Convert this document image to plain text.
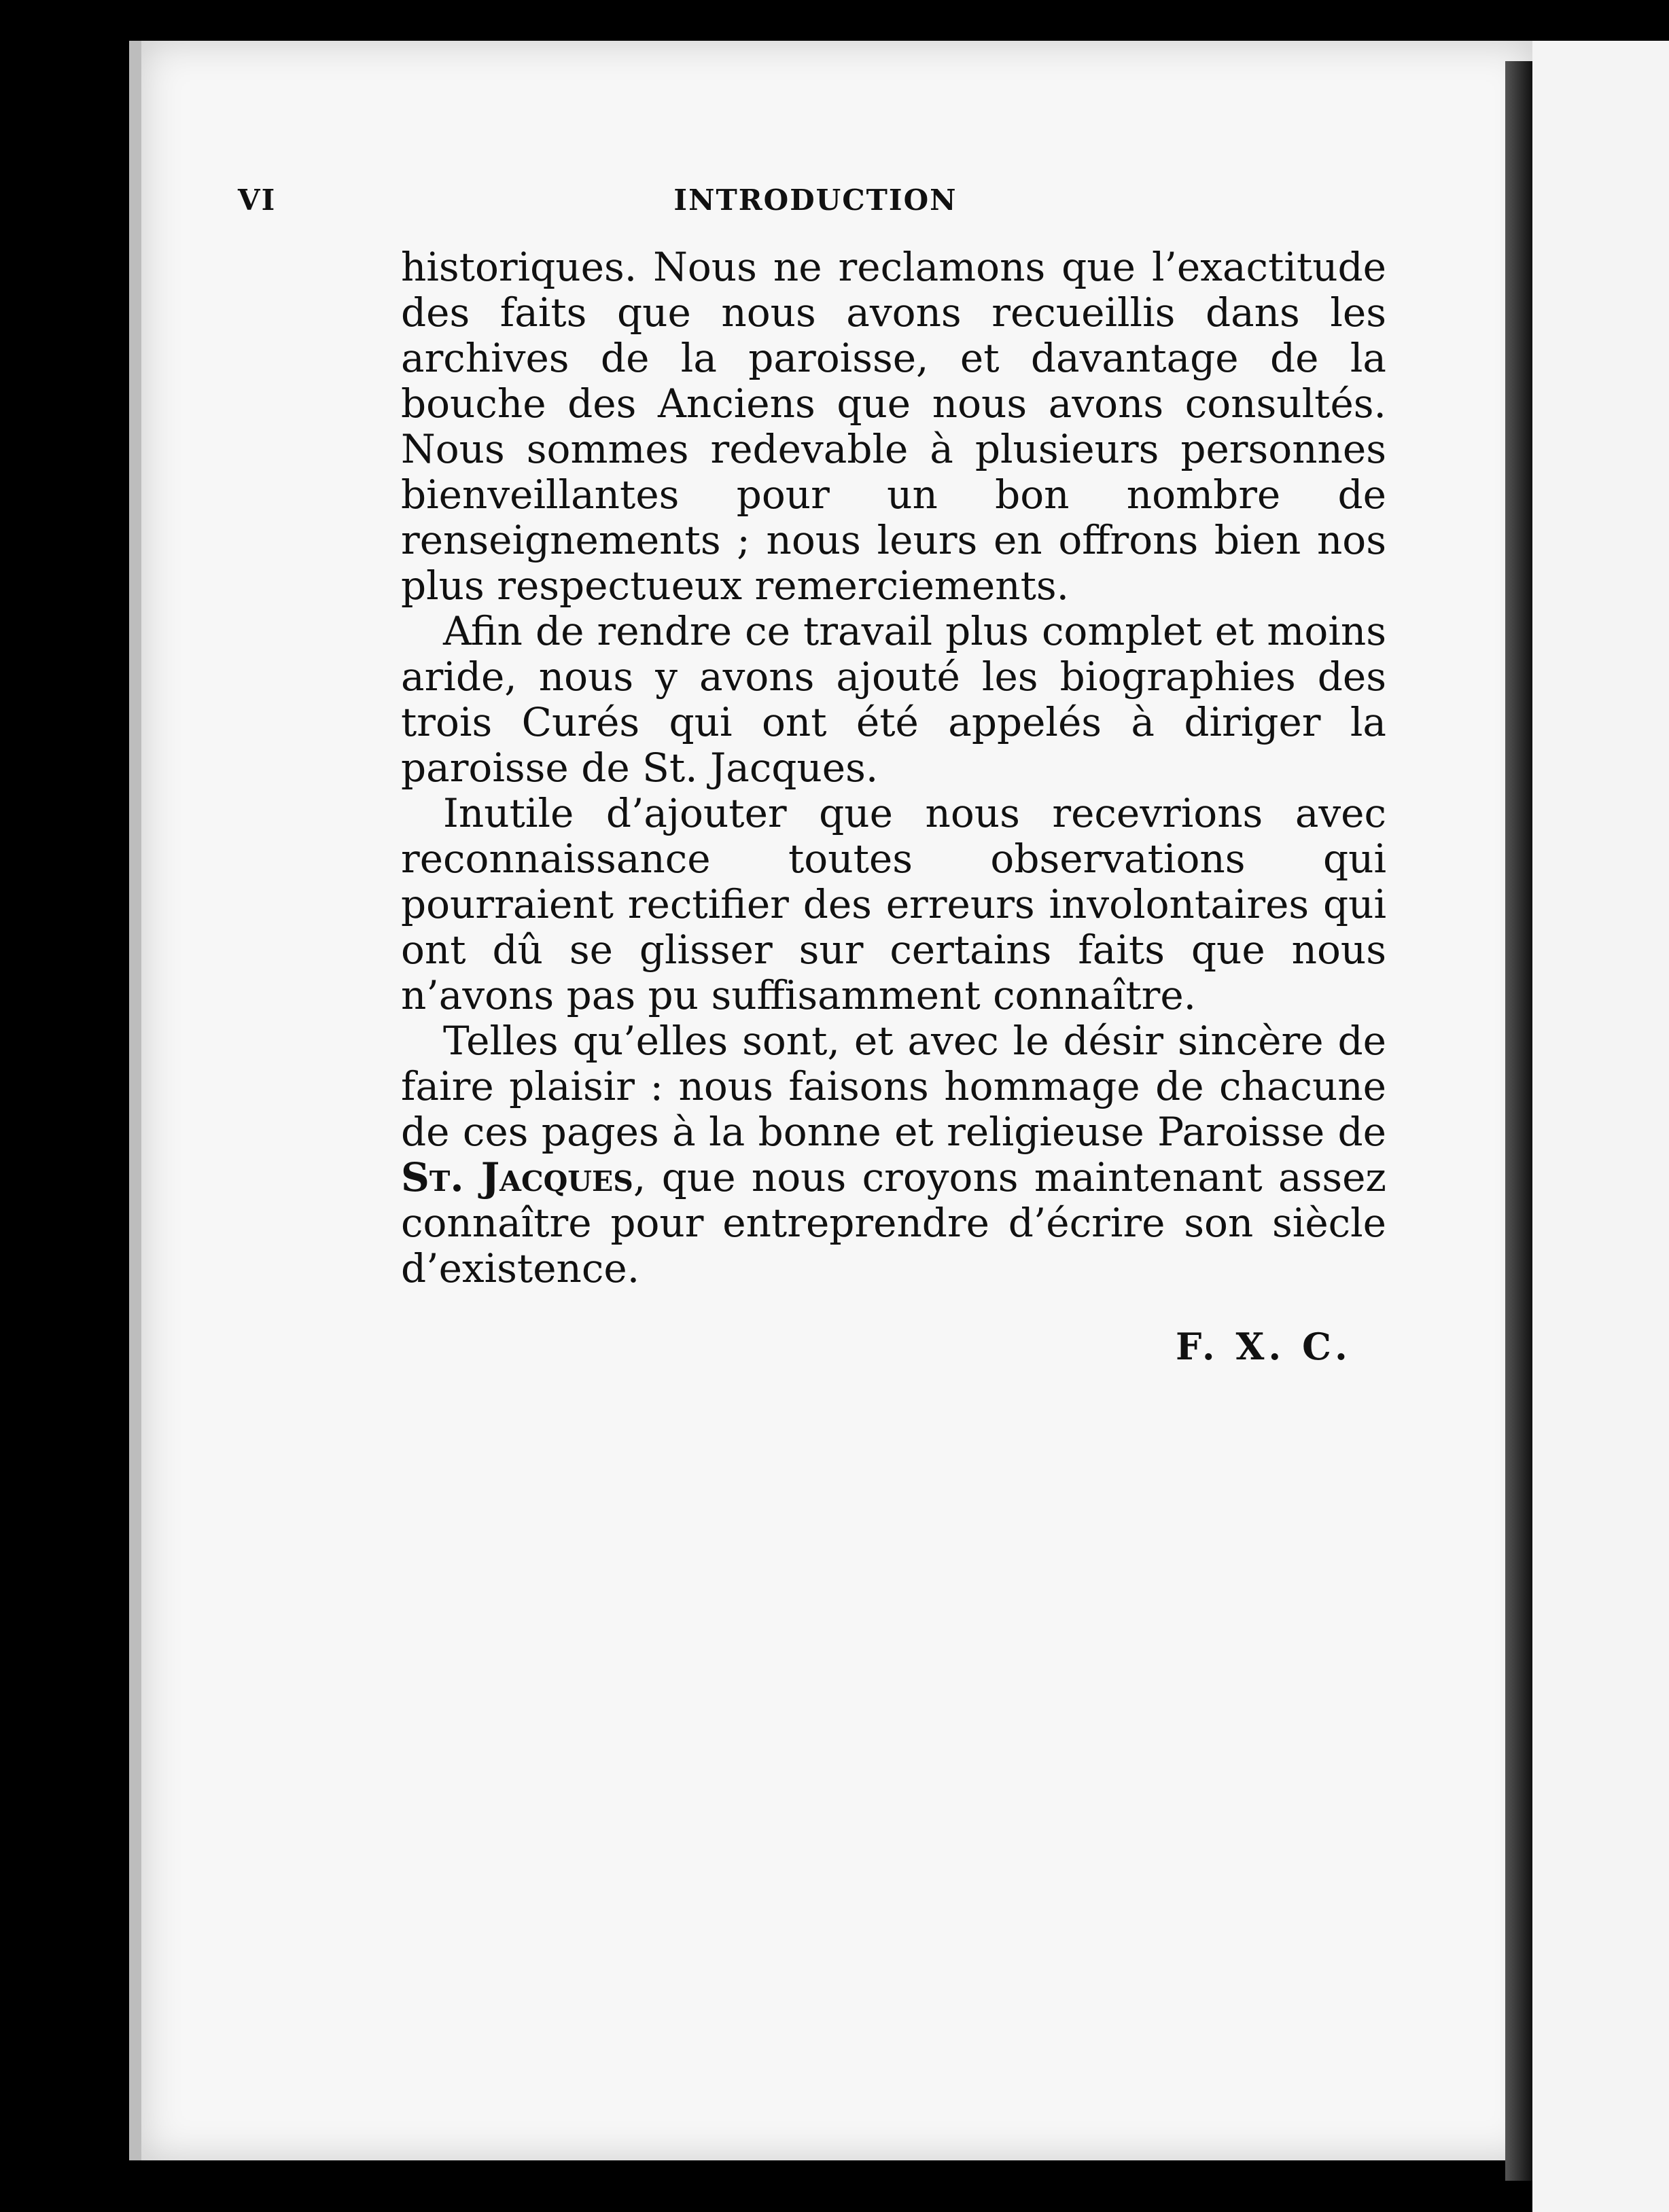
VI	INTRODUCTION

historiques. Nous ne reclamons que l’exactitude des faits que nous avons recueillis dans les archives de la paroisse, et davantage de la bouche des Anciens que nous avons consultés. Nous sommes redevable à plusieurs personnes bienveillantes pour un bon nombre de renseignements ; nous leurs en offrons bien nos plus respectueux remerciements.

Afin de rendre ce travail plus complet et moins aride, nous y avons ajouté les biographies des trois Curés qui ont été appelés à diriger la paroisse de St. Jacques.

Inutile d’ajouter que nous recevrions avec reconnaissance toutes observations qui pourraient rectifier des erreurs involontaires qui ont dû se glisser sur certains faits que nous n’avons pas pu suffisamment connaître.

Telles qu’elles sont, et avec le désir sincère de faire plaisir : nous faisons hommage de chacune de ces pages à la bonne et religieuse Paroisse de St. Jacques, que nous croyons maintenant assez connaître pour entreprendre d’écrire son siècle d’existence.

F. X. C.
